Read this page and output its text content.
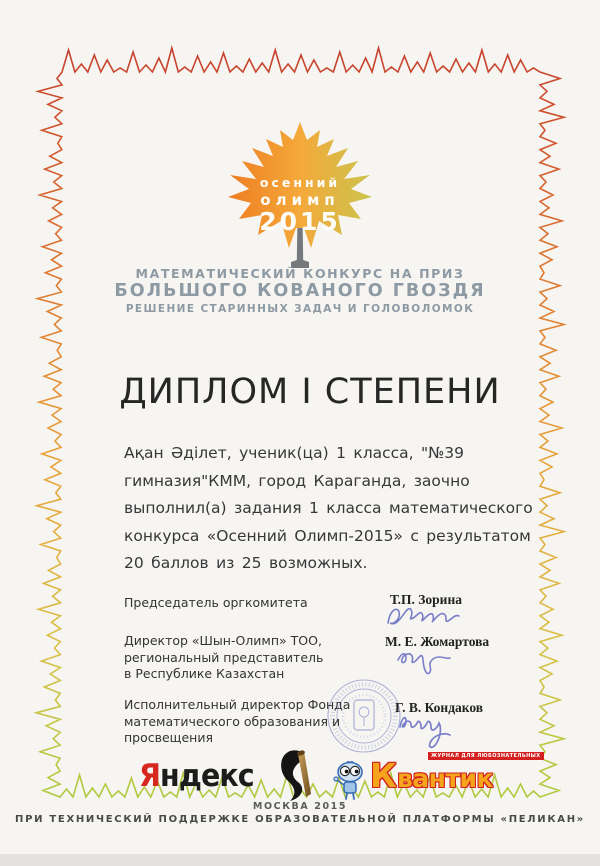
осенний
олимп
2015
МАТЕМАТИЧЕСКИЙ КОНКУРС НА ПРИЗ
БОЛЬШОГО КОВАНОГО ГВОЗДЯ
РЕШЕНИЕ СТАРИННЫХ ЗАДАЧ И ГОЛОВОЛОМОК
ДИПЛОМ I СТЕПЕНИ
Ақан Әділет, ученик(ца) 1 класса, "№39
гимназия"КММ, город Караганда, заочно
выполнил(а) задания 1 класса математического
конкурса «Осенний Олимп-2015» с результатом
20 баллов из 25 возможных.
Председатель оргкомитета	Т.П. Зорина
Директор «Шын-Олимп» ТОО,
региональный представитель
в Республике Казахстан
М. Е. Жомартова
Исполнительный директор Фонда
математического образования и
просвещения
Г. В. Кондаков
Яндекс	Квантик
ЖУРНАЛ ДЛЯ ЛЮБОЗНАТЕЛЬНЫХ
МОСКВА 2015
ПРИ ТЕХНИЧЕСКИЙ ПОДДЕРЖКЕ ОБРАЗОВАТЕЛЬНОЙ ПЛАТФОРМЫ «ПЕЛИКАН»
